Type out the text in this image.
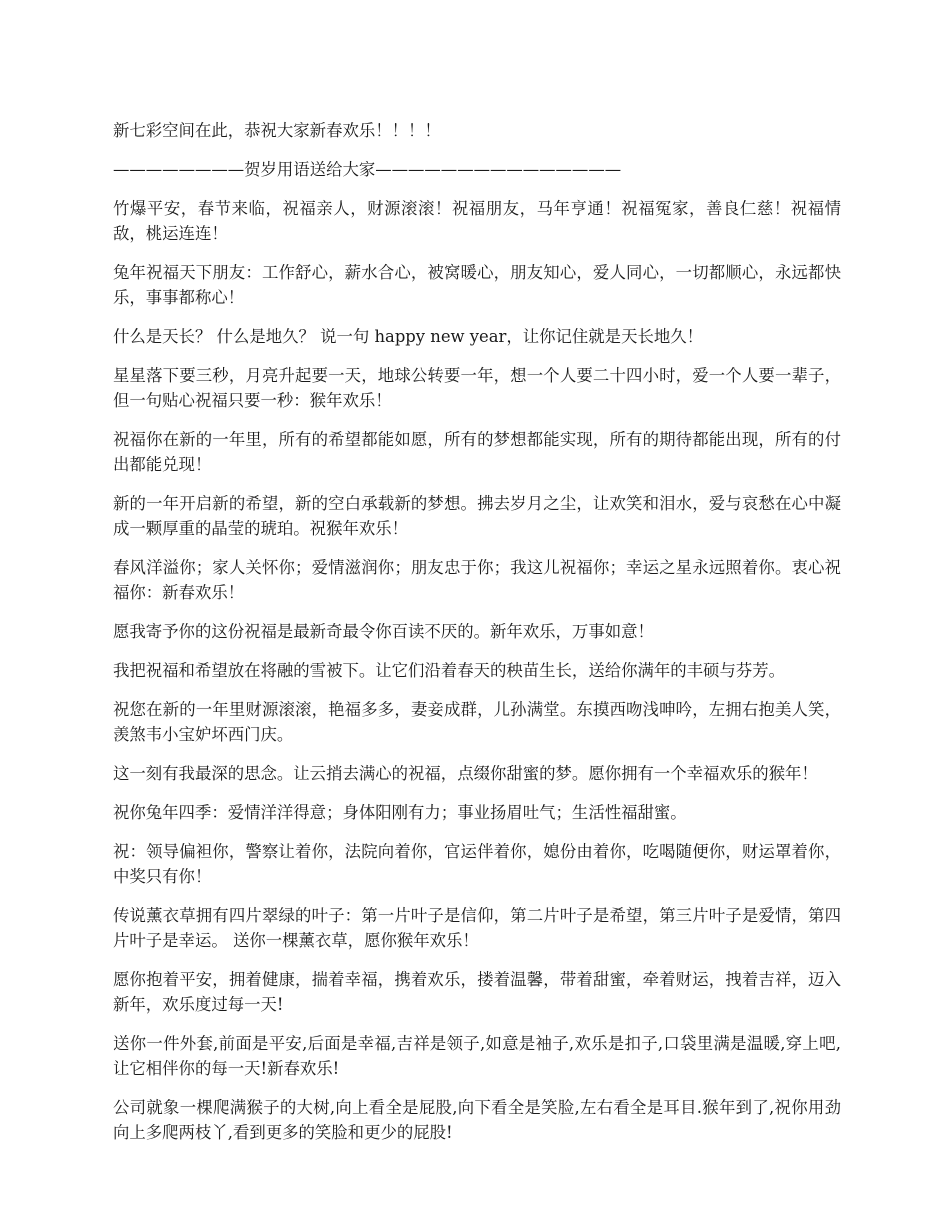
新七彩空间在此，恭祝大家新春欢乐！！！！

————————贺岁用语送给大家———————————————

竹爆平安，春节来临，祝福亲人，财源滚滚！祝福朋友，马年亨通！祝福冤家，善良仁慈！祝福情敌，桃运连连！

兔年祝福天下朋友：工作舒心，薪水合心，被窝暖心，朋友知心，爱人同心，一切都顺心，永远都快乐，事事都称心！

什么是天长？ 什么是地久？ 说一句 happy new year，让你记住就是天长地久！

星星落下要三秒，月亮升起要一天，地球公转要一年，想一个人要二十四小时，爱一个人要一辈子，但一句贴心祝福只要一秒：猴年欢乐！

祝福你在新的一年里，所有的希望都能如愿，所有的梦想都能实现，所有的期待都能出现，所有的付出都能兑现！

新的一年开启新的希望，新的空白承载新的梦想。拂去岁月之尘，让欢笑和泪水，爱与哀愁在心中凝成一颗厚重的晶莹的琥珀。祝猴年欢乐！

春风洋溢你；家人关怀你；爱情滋润你；朋友忠于你；我这儿祝福你；幸运之星永远照着你。衷心祝福你：新春欢乐！

愿我寄予你的这份祝福是最新奇最令你百读不厌的。新年欢乐，万事如意！

我把祝福和希望放在将融的雪被下。让它们沿着春天的秧苗生长，送给你满年的丰硕与芬芳。

祝您在新的一年里财源滚滚，艳福多多，妻妾成群，儿孙满堂。东摸西吻浅呻吟，左拥右抱美人笑，羡煞韦小宝妒坏西门庆。

这一刻有我最深的思念。让云捎去满心的祝福，点缀你甜蜜的梦。愿你拥有一个幸福欢乐的猴年！

祝你兔年四季：爱情洋洋得意；身体阳刚有力；事业扬眉吐气；生活性福甜蜜。

祝：领导偏袒你，警察让着你，法院向着你，官运伴着你，媳份由着你，吃喝随便你，财运罩着你，中奖只有你！

传说薰衣草拥有四片翠绿的叶子：第一片叶子是信仰，第二片叶子是希望，第三片叶子是爱情，第四片叶子是幸运。 送你一棵薰衣草，愿你猴年欢乐！

愿你抱着平安，拥着健康，揣着幸福，携着欢乐，搂着温馨，带着甜蜜，牵着财运，拽着吉祥，迈入新年，欢乐度过每一天!

送你一件外套,前面是平安,后面是幸福,吉祥是领子,如意是袖子,欢乐是扣子,口袋里满是温暖,穿上吧,让它相伴你的每一天!新春欢乐!

公司就象一棵爬满猴子的大树,向上看全是屁股,向下看全是笑脸,左右看全是耳目.猴年到了,祝你用劲向上多爬两枝丫,看到更多的笑脸和更少的屁股!
